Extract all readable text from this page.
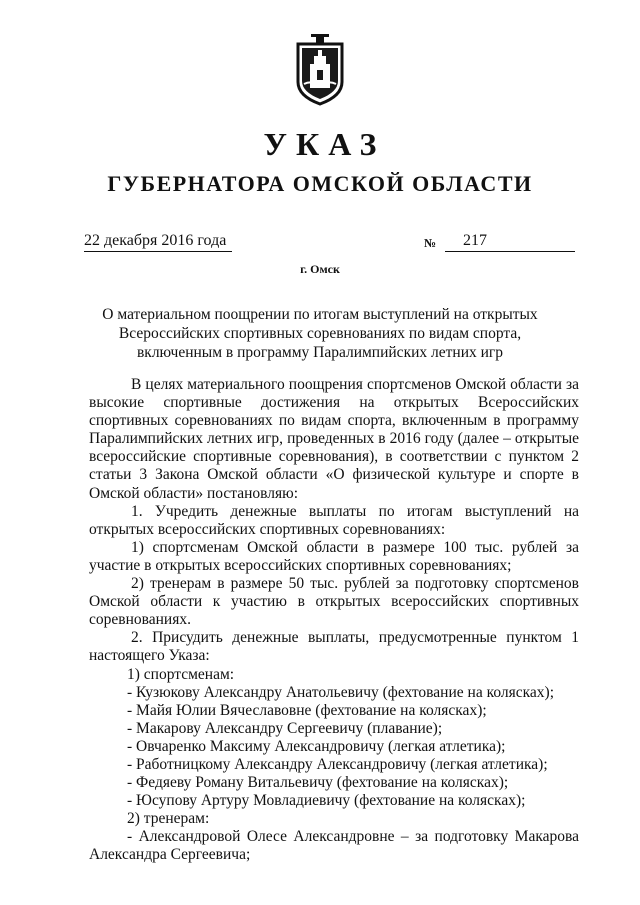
УКАЗ
ГУБЕРНАТОРА ОМСКОЙ ОБЛАСТИ
22 декабря 2016 года	№	217
г. Омск
О материальном поощрении по итогам выступлений на открытых
Всероссийских спортивных соревнованиях по видам спорта,
включенным в программу Паралимпийских летних игр
В целях материального поощрения спортсменов Омской области за высокие спортивные достижения на открытых Всероссийских спортивных соревнованиях по видам спорта, включенным в программу Паралимпийских летних игр, проведенных в 2016 году (далее – открытые всероссийские спортивные соревнования), в соответствии с пунктом 2 статьи 3 Закона Омской области «О физической культуре и спорте в Омской области» постановляю:
1. Учредить денежные выплаты по итогам выступлений на открытых всероссийских спортивных соревнованиях:
1) спортсменам Омской области в размере 100 тыс. рублей за участие в открытых всероссийских спортивных соревнованиях;
2) тренерам в размере 50 тыс. рублей за подготовку спортсменов Омской области к участию в открытых всероссийских спортивных соревнованиях.
2. Присудить денежные выплаты, предусмотренные пунктом 1 настоящего Указа:
1) спортсменам:
- Кузюкову Александру Анатольевичу (фехтование на колясках);
- Майя Юлии Вячеславовне (фехтование на колясках);
- Макарову Александру Сергеевичу (плавание);
- Овчаренко Максиму Александровичу (легкая атлетика);
- Работницкому Александру Александровичу (легкая атлетика);
- Федяеву Роману Витальевичу (фехтование на колясках);
- Юсупову Артуру Мовладиевичу (фехтование на колясках);
2) тренерам:
- Александровой Олесе Александровне – за подготовку Макарова Александра Сергеевича;
